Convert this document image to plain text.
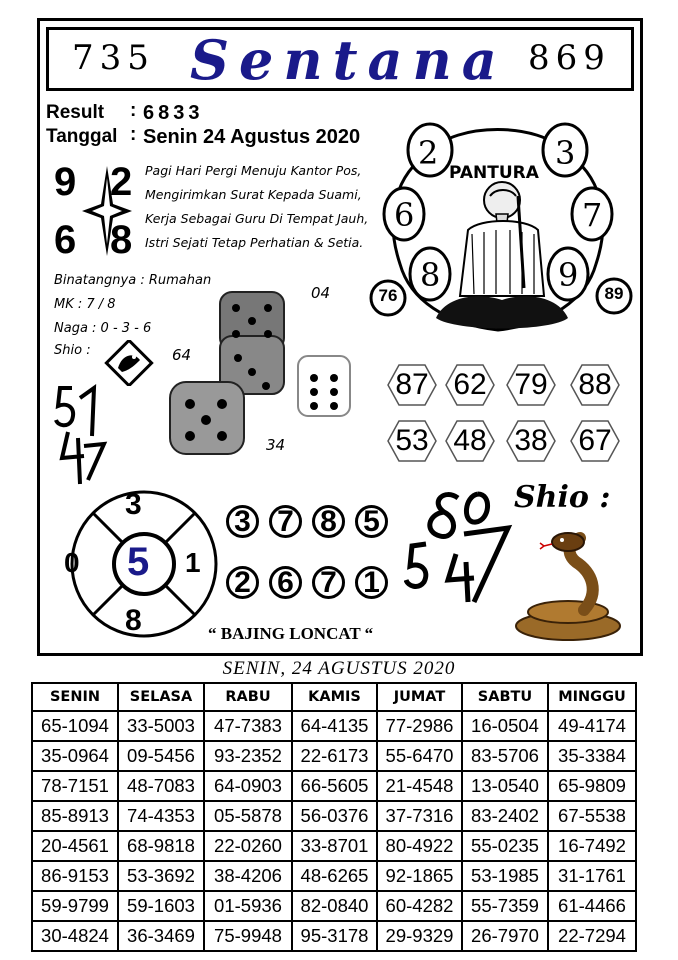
735 Sentana 869
Result : 6833
Tanggal : Senin 24 Agustus 2020
9 2
6 8
Pagi Hari Pergi Menuju Kantor Pos,
Mengirimkan Surat Kepada Suami,
Kerja Sebagai Guru Di Tempat Jauh,
Istri Sejati Tetap Perhatian & Setia.
Binatangnya : Rumahan
MK : 7 / 8
Naga : 0 - 3 - 6
Shio :
04
64
34
PANTURA
2	3
6	7
8	9
76	89
87 62 79 88
53 48 38 67
3
0 5 1
8
3 7 8 5
2 6 7 1
Shio :
“ BAJING LONCAT “
SENIN, 24 AGUSTUS 2020
SENIN	SELASA	RABU	KAMIS	JUMAT	SABTU	MINGGU
65-1094	33-5003	47-7383	64-4135	77-2986	16-0504	49-4174
35-0964	09-5456	93-2352	22-6173	55-6470	83-5706	35-3384
78-7151	48-7083	64-0903	66-5605	21-4548	13-0540	65-9809
85-8913	74-4353	05-5878	56-0376	37-7316	83-2402	67-5538
20-4561	68-9818	22-0260	33-8701	80-4922	55-0235	16-7492
86-9153	53-3692	38-4206	48-6265	92-1865	53-1985	31-1761
59-9799	59-1603	01-5936	82-0840	60-4282	55-7359	61-4466
30-4824	36-3469	75-9948	95-3178	29-9329	26-7970	22-7294
